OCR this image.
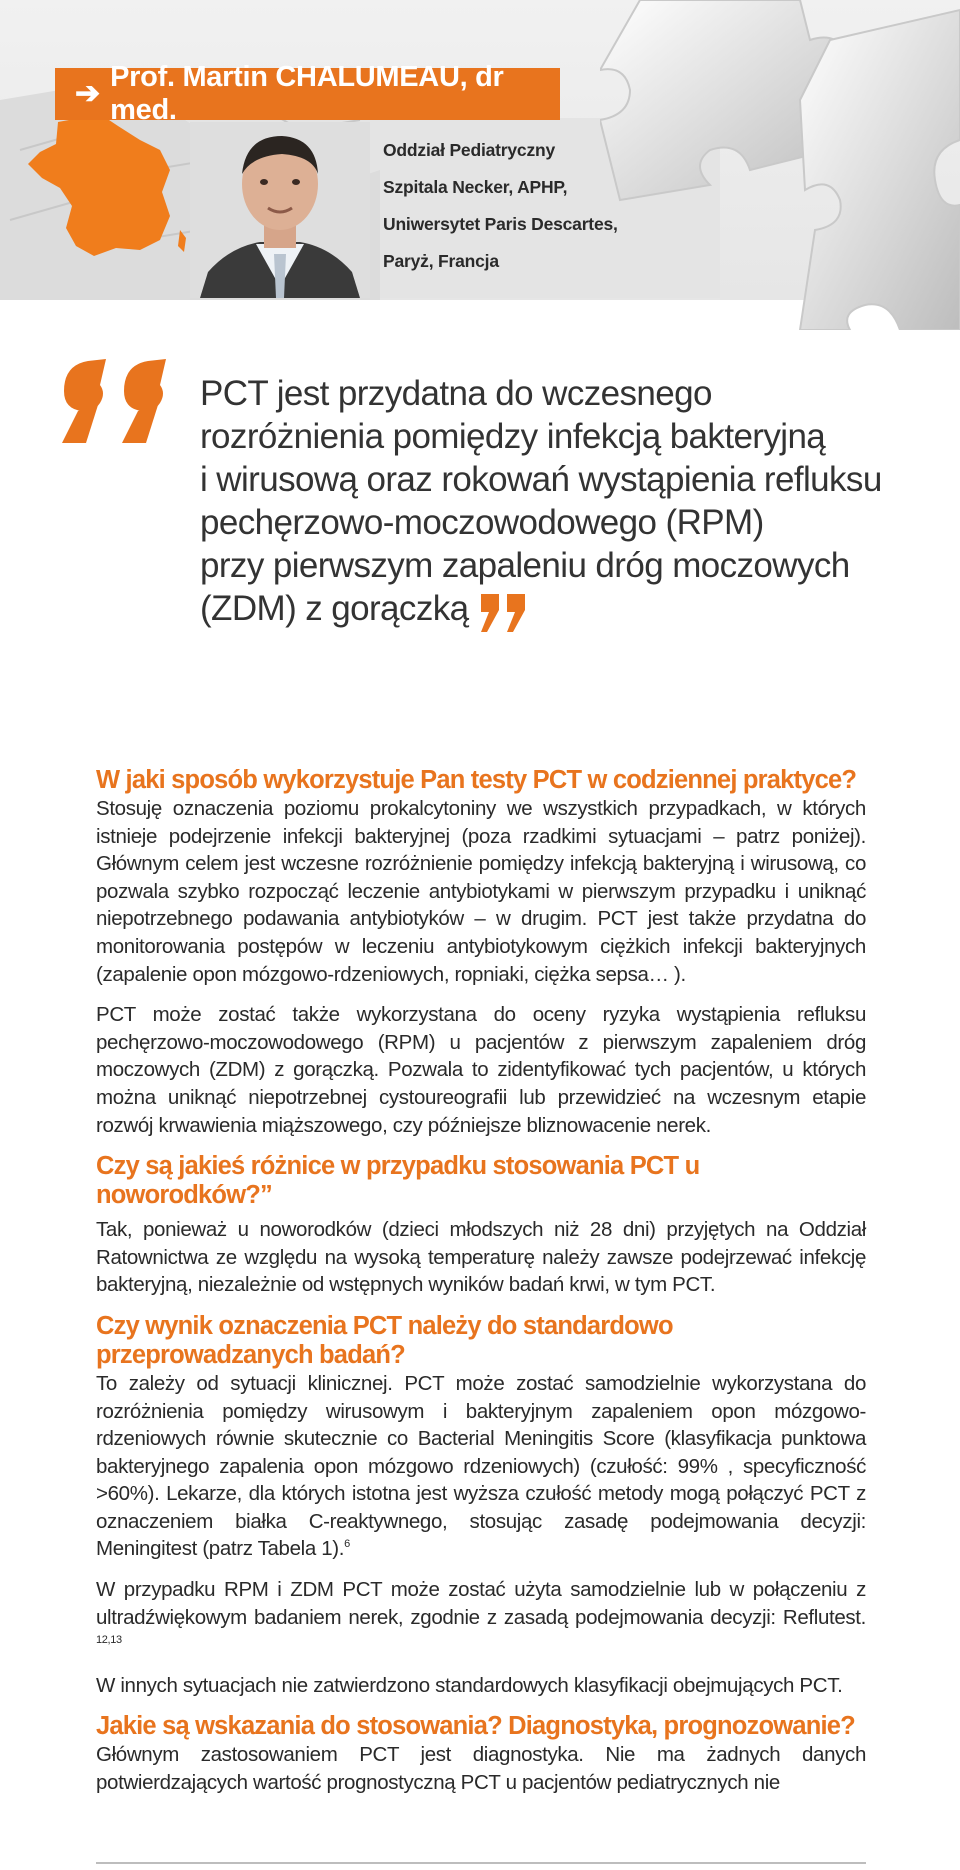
➔ Prof. Martin CHALUMEAU, dr med.
Oddział Pediatryczny
Szpitala Necker, APHP,
Uniwersytet Paris Descartes,
Paryż, Francja
PCT jest przydatna do wczesnego
rozróżnienia pomiędzy infekcją bakteryjną
i wirusową oraz rokowań wystąpienia refluksu
pechęrzowo-moczowodowego (RPM)
przy pierwszym zapaleniu dróg moczowych
(ZDM) z gorączką
W jaki sposób wykorzystuje Pan testy PCT w codziennej praktyce?

Stosuję oznaczenia poziomu prokalcytoniny we wszystkich przypadkach, w których istnieje podejrzenie infekcji bakteryjnej (poza rzadkimi sytuacjami – patrz poniżej). Głównym celem jest wczesne rozróżnienie pomiędzy infekcją bakteryjną i wirusową, co pozwala szybko rozpocząć leczenie antybiotykami w pierwszym przypadku i uniknąć niepotrzebnego podawania antybiotyków – w drugim. PCT jest także przydatna do monitorowania postępów w leczeniu antybiotykowym ciężkich infekcji bakteryjnych (zapalenie opon mózgowo-rdzeniowych, ropniaki, ciężka sepsa… ).

PCT może zostać także wykorzystana do oceny ryzyka wystąpienia refluksu pechęrzowo-moczowodowego (RPM) u pacjentów z pierwszym zapaleniem dróg moczowych (ZDM) z gorączką. Pozwala to zidentyfikować tych pacjentów, u których można uniknąć niepotrzebnej cystoureografii lub przewidzieć na wczesnym etapie rozwój krwawienia miąższowego, czy późniejsze bliznowacenie nerek.

Czy są jakieś różnice w przypadku stosowania PCT u noworodków?”

Tak, ponieważ u noworodków (dzieci młodszych niż 28 dni) przyjętych na Oddział Ratownictwa ze względu na wysoką temperaturę należy zawsze podejrzewać infekcję bakteryjną, niezależnie od wstępnych wyników badań krwi, w tym PCT.

Czy wynik oznaczenia PCT należy do standardowo przeprowadzanych badań?

To zależy od sytuacji klinicznej. PCT może zostać samodzielnie wykorzystana do rozróżnienia pomiędzy wirusowym i bakteryjnym zapaleniem opon mózgowo-rdzeniowych równie skutecznie co Bacterial Meningitis Score (klasyfikacja punktowa bakteryjnego zapalenia opon mózgowo rdzeniowych) (czułość: 99% , specyficzność >60%). Lekarze, dla których istotna jest wyższa czułość metody mogą połączyć PCT z oznaczeniem białka C-reaktywnego, stosując zasadę podejmowania decyzji: Meningitest (patrz Tabela 1).$^6$

W przypadku RPM i ZDM PCT może zostać użyta samodzielnie lub w połączeniu z ultradźwiękowym badaniem nerek, zgodnie z zasadą podejmowania decyzji: Reflutest. $^{12,13}$

W innych sytuacjach nie zatwierdzono standardowych klasyfikacji obejmujących PCT.

Jakie są wskazania do stosowania? Diagnostyka, prognozowanie?

Głównym zastosowaniem PCT jest diagnostyka. Nie ma żadnych danych potwierdzających wartość prognostyczną PCT u pacjentów pediatrycznych nie
